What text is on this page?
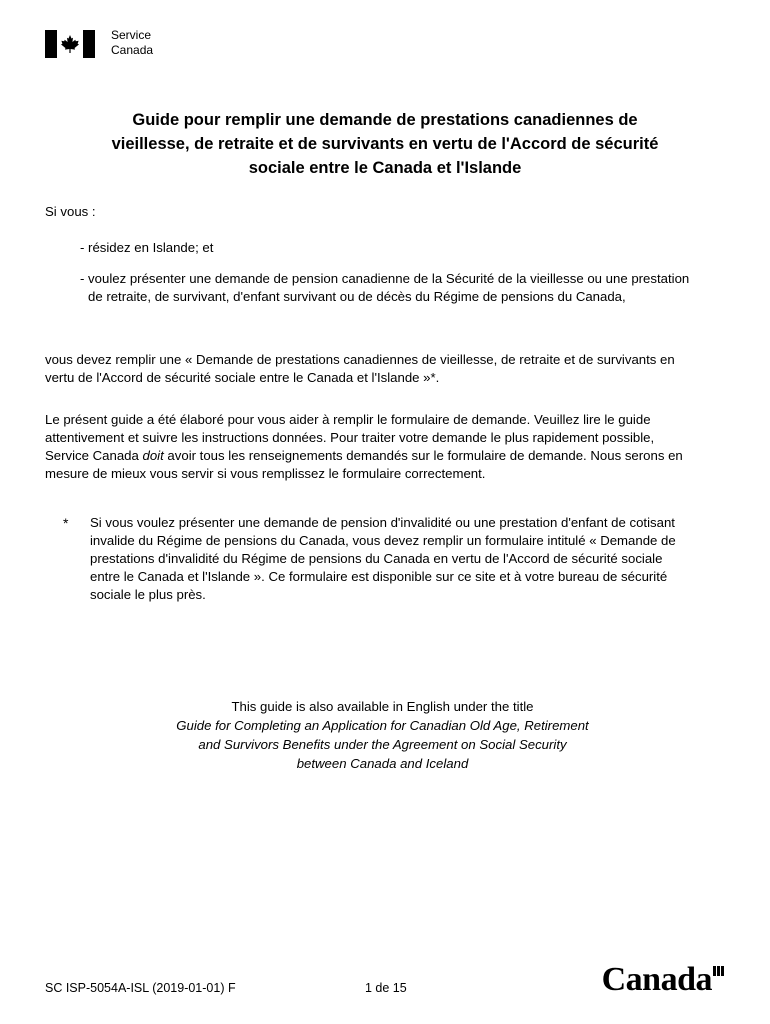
Service
Canada
Guide pour remplir une demande de prestations canadiennes de
vieillesse, de retraite et de survivants en vertu de l'Accord de sécurité
sociale entre le Canada et l'Islande
Si vous :
- résidez en Islande; et
- voulez présenter une demande de pension canadienne de la Sécurité de la vieillesse ou une prestation
de retraite, de survivant, d'enfant survivant ou de décès du Régime de pensions du Canada,
vous devez remplir une « Demande de prestations canadiennes de vieillesse, de retraite et de survivants en
vertu de l'Accord de sécurité sociale entre le Canada et l'Islande »*.
Le présent guide a été élaboré pour vous aider à remplir le formulaire de demande. Veuillez lire le guide
attentivement et suivre les instructions données. Pour traiter votre demande le plus rapidement possible,
Service Canada doit avoir tous les renseignements demandés sur le formulaire de demande. Nous serons en
mesure de mieux vous servir si vous remplissez le formulaire correctement.
* Si vous voulez présenter une demande de pension d'invalidité ou une prestation d'enfant de cotisant
invalide du Régime de pensions du Canada, vous devez remplir un formulaire intitulé « Demande de
prestations d'invalidité du Régime de pensions du Canada en vertu de l'Accord de sécurité sociale
entre le Canada et l'Islande ». Ce formulaire est disponible sur ce site et à votre bureau de sécurité
sociale le plus près.
This guide is also available in English under the title
Guide for Completing an Application for Canadian Old Age, Retirement
and Survivors Benefits under the Agreement on Social Security
between Canada and Iceland
SC ISP-5054A-ISL (2019-01-01) F	1 de 15	Canada
